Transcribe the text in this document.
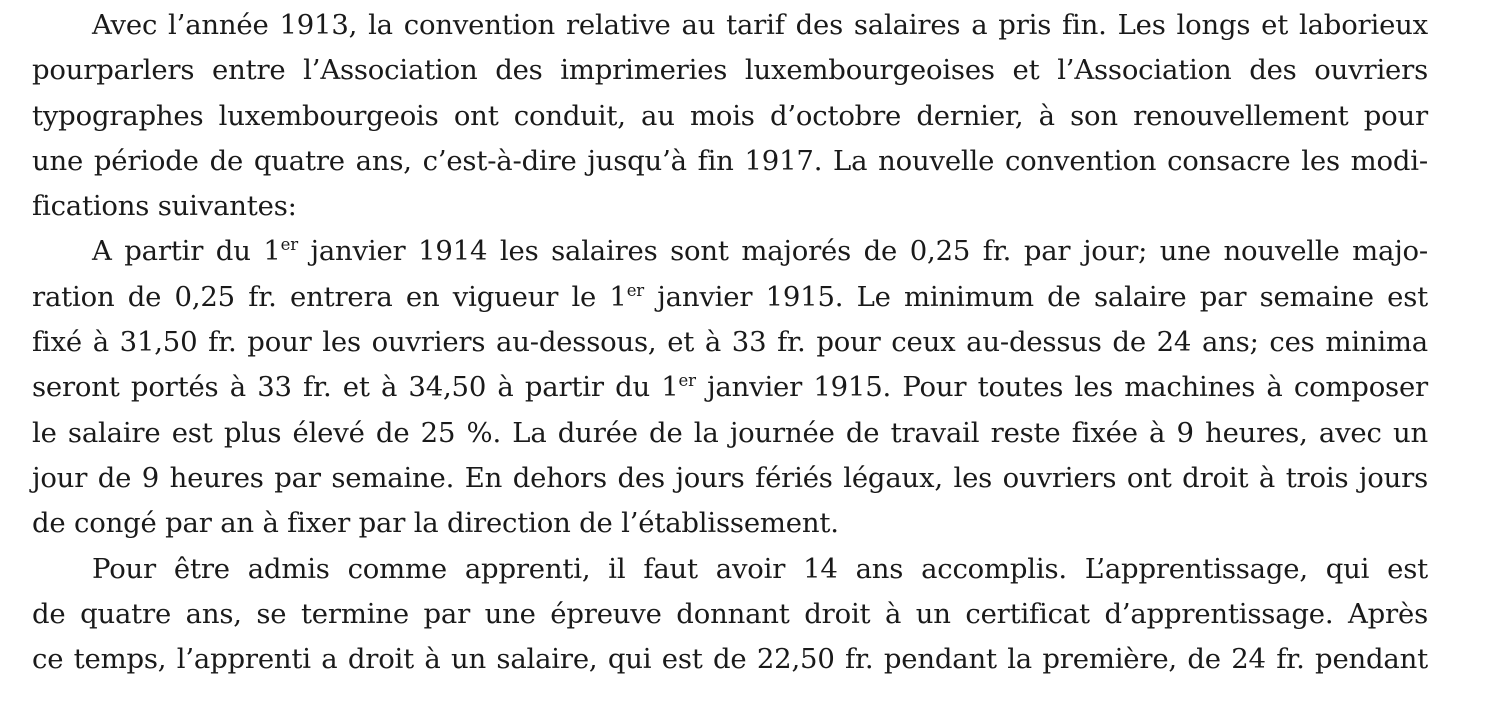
Avec l’année 1913, la convention relative au tarif des salaires a pris fin. Les longs et laborieux
pourparlers entre l’Association des imprimeries luxembourgeoises et l’Association des ouvriers
typographes luxembourgeois ont conduit, au mois d’octobre dernier, à son renouvellement pour
une période de quatre ans, c’est-à-dire jusqu’à fin 1917. La nouvelle convention consacre les modi-
fications suivantes:

A partir du 1er janvier 1914 les salaires sont majorés de 0,25 fr. par jour; une nouvelle majo-
ration de 0,25 fr. entrera en vigueur le 1er janvier 1915. Le minimum de salaire par semaine est
fixé à 31,50 fr. pour les ouvriers au-dessous, et à 33 fr. pour ceux au-dessus de 24 ans; ces minima
seront portés à 33 fr. et à 34,50 à partir du 1er janvier 1915. Pour toutes les machines à composer
le salaire est plus élevé de 25 %. La durée de la journée de travail reste fixée à 9 heures, avec un
jour de 9 heures par semaine. En dehors des jours fériés légaux, les ouvriers ont droit à trois jours
de congé par an à fixer par la direction de l’établissement.

Pour être admis comme apprenti, il faut avoir 14 ans accomplis. L’apprentissage, qui est
de quatre ans, se termine par une épreuve donnant droit à un certificat d’apprentissage. Après
ce temps, l’apprenti a droit à un salaire, qui est de 22,50 fr. pendant la première, de 24 fr. pendant
